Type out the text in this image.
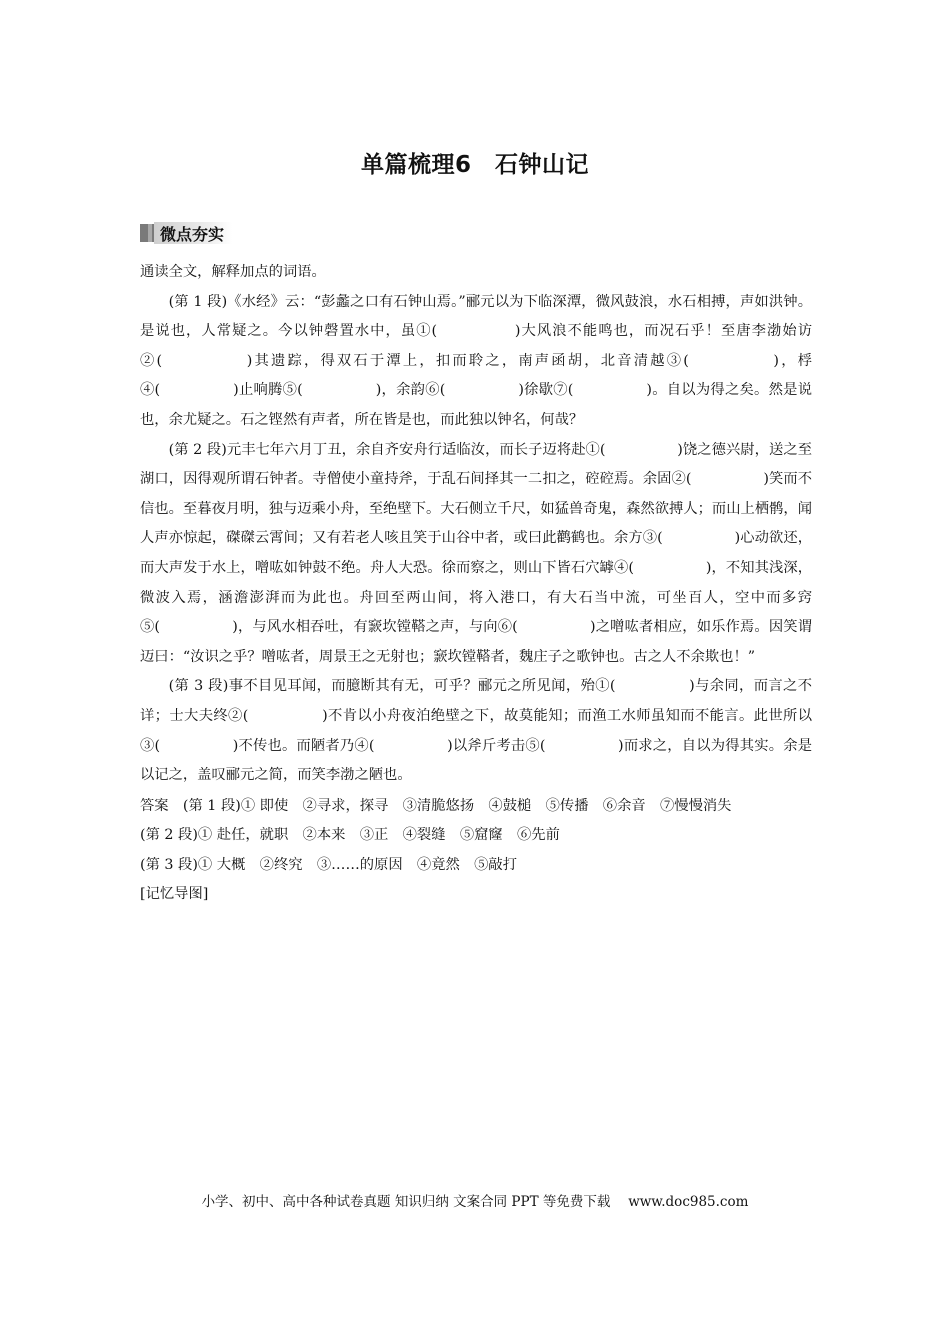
单篇梳理6　石钟山记
微点夯实

通读全文，解释加点的词语。

(第 1 段)《水经》云：“彭蠡之口有石钟山焉。”郦元以为下临深潭，微风鼓浪，水石相搏，声如洪钟。是说也，人常疑之。今以钟磬置水中，虽①(　　　　　)大风浪不能鸣也，而况石乎！至唐李渤始访②(　　　　　)其遗踪，得双石于潭上，扣而聆之，南声函胡，北音清越③(　　　　　)，桴④(　　　　　)止响腾⑤(　　　　　)，余韵⑥(　　　　　)徐歇⑦(　　　　　)。自以为得之矣。然是说也，余尤疑之。石之铿然有声者，所在皆是也，而此独以钟名，何哉？

(第 2 段)元丰七年六月丁丑，余自齐安舟行适临汝，而长子迈将赴①(　　　　　)饶之德兴尉，送之至湖口，因得观所谓石钟者。寺僧使小童持斧，于乱石间择其一二扣之，硿硿焉。余固②(　　　　　)笑而不信也。至暮夜月明，独与迈乘小舟，至绝壁下。大石侧立千尺，如猛兽奇鬼，森然欲搏人；而山上栖鹘，闻人声亦惊起，磔磔云霄间；又有若老人咳且笑于山谷中者，或曰此鹳鹤也。余方③(　　　　　)心动欲还，而大声发于水上，噌吰如钟鼓不绝。舟人大恐。徐而察之，则山下皆石穴罅④(　　　　　)，不知其浅深，微波入焉，涵澹澎湃而为此也。舟回至两山间，将入港口，有大石当中流，可坐百人，空中而多窍⑤(　　　　　)，与风水相吞吐，有窾坎镗鞳之声，与向⑥(　　　　　)之噌吰者相应，如乐作焉。因笑谓迈曰：“汝识之乎？噌吰者，周景王之无射也；窾坎镗鞳者，魏庄子之歌钟也。古之人不余欺也！”

(第 3 段)事不目见耳闻，而臆断其有无，可乎？郦元之所见闻，殆①(　　　　　)与余同，而言之不详；士大夫终②(　　　　　)不肯以小舟夜泊绝壁之下，故莫能知；而渔工水师虽知而不能言。此世所以③(　　　　　)不传也。而陋者乃④(　　　　　)以斧斤考击⑤(　　　　　)而求之，自以为得其实。余是以记之，盖叹郦元之简，而笑李渤之陋也。

答案　(第 1 段)① 即使　②寻求，探寻　③清脆悠扬　④鼓槌　⑤传播　⑥余音　⑦慢慢消失

(第 2 段)① 赴任，就职　②本来　③正　④裂缝　⑤窟窿　⑥先前

(第 3 段)① 大概　②终究　③……的原因　④竟然　⑤敲打

[记忆导图]

小学、初中、高中各种试卷真题 知识归纳 文案合同 PPT 等免费下载　 www.doc985.com
